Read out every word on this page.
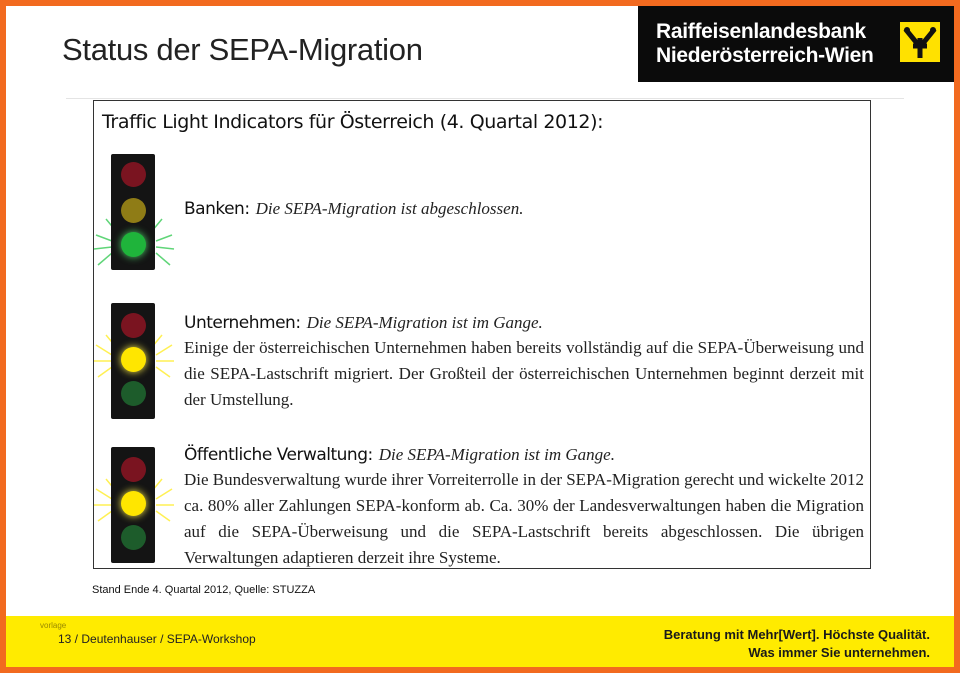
Status der SEPA-Migration
Raiffeisenlandesbank
Niederösterreich-Wien
Traffic Light Indicators für Österreich (4. Quartal 2012):
Banken: Die SEPA-Migration ist abgeschlossen.
Unternehmen: Die SEPA-Migration ist im Gange.
Einige der österreichischen Unternehmen haben bereits vollständig auf die SEPA-Überweisung und die SEPA-Lastschrift migriert. Der Großteil der österreichischen Unternehmen beginnt derzeit mit der Umstellung.
Öffentliche Verwaltung: Die SEPA-Migration ist im Gange.
Die Bundesverwaltung wurde ihrer Vorreiterrolle in der SEPA-Migration gerecht und wickelte 2012 ca. 80% aller Zahlungen SEPA-konform ab. Ca. 30% der Landesverwaltungen haben die Migration auf die SEPA-Überweisung und die SEPA-Lastschrift bereits abgeschlossen. Die übrigen Verwaltungen adaptieren derzeit ihre Systeme.
Stand Ende 4. Quartal 2012, Quelle: STUZZA
vorlage
13 / Deutenhauser / SEPA-Workshop	Beratung mit Mehr[Wert]. Höchste Qualität.
Was immer Sie unternehmen.
